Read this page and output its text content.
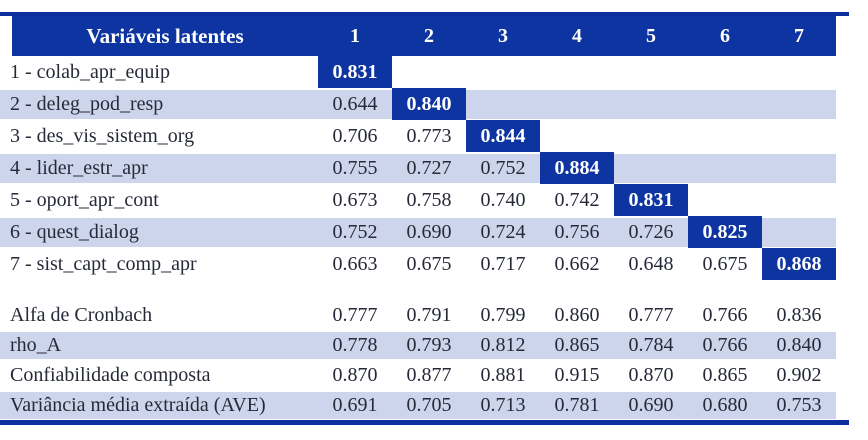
Variáveis latentes	1	2	3	4	5	6	7
1 - colab_apr_equip	0.831
2 - deleg_pod_resp	0.644	0.840
3 - des_vis_sistem_org	0.706	0.773	0.844
4 - lider_estr_apr	0.755	0.727	0.752	0.884
5 - oport_apr_cont	0.673	0.758	0.740	0.742	0.831
6 - quest_dialog	0.752	0.690	0.724	0.756	0.726	0.825
7 - sist_capt_comp_apr	0.663	0.675	0.717	0.662	0.648	0.675	0.868
Alfa de Cronbach	0.777	0.791	0.799	0.860	0.777	0.766	0.836
rho_A	0.778	0.793	0.812	0.865	0.784	0.766	0.840
Confiabilidade composta	0.870	0.877	0.881	0.915	0.870	0.865	0.902
Variância média extraída (AVE)	0.691	0.705	0.713	0.781	0.690	0.680	0.753
